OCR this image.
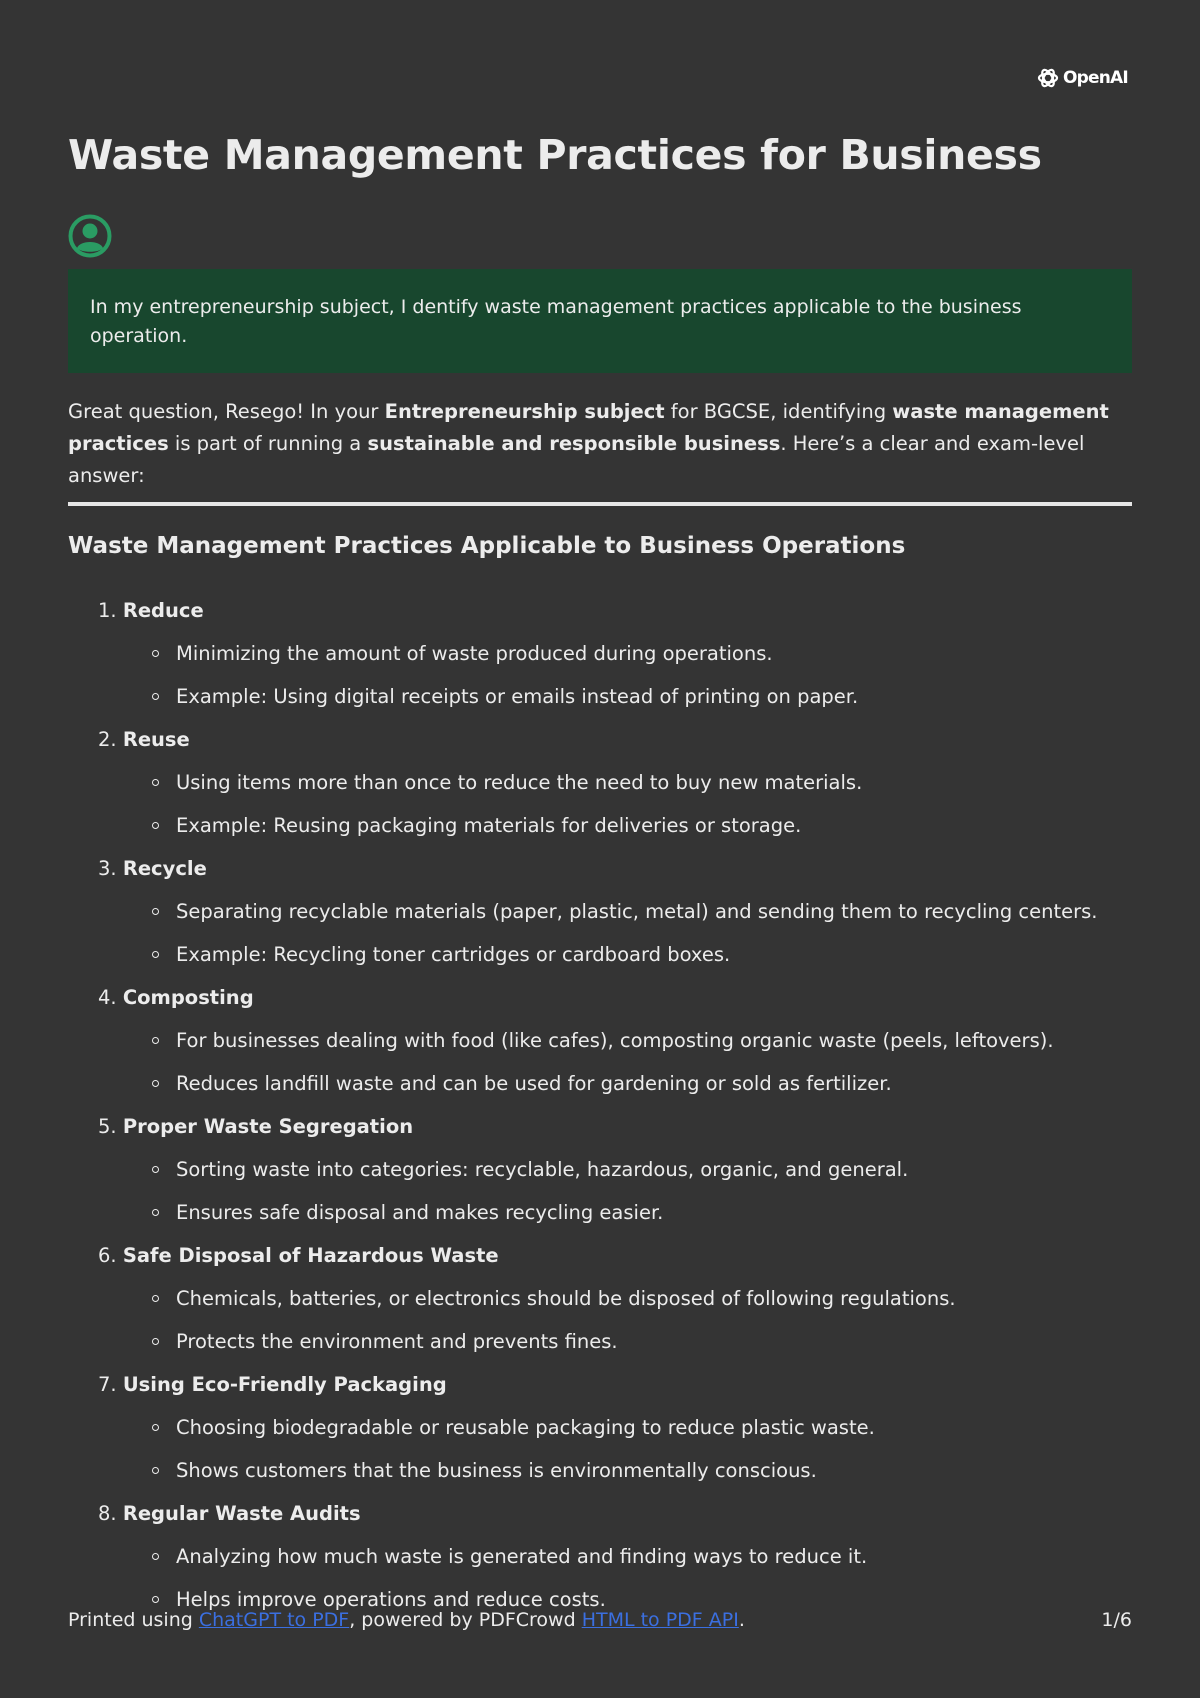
OpenAI
Waste Management Practices for Business
In my entrepreneurship subject, I dentify waste management practices applicable to the business operation.

Great question, Resego! In your Entrepreneurship subject for BGCSE, identifying waste management practices is part of running a sustainable and responsible business. Here’s a clear and exam-level answer:

Waste Management Practices Applicable to Business Operations
1. Reduce
Minimizing the amount of waste produced during operations.
Example: Using digital receipts or emails instead of printing on paper.
2. Reuse
Using items more than once to reduce the need to buy new materials.
Example: Reusing packaging materials for deliveries or storage.
3. Recycle
Separating recyclable materials (paper, plastic, metal) and sending them to recycling centers.
Example: Recycling toner cartridges or cardboard boxes.
4. Composting
For businesses dealing with food (like cafes), composting organic waste (peels, leftovers).
Reduces landfill waste and can be used for gardening or sold as fertilizer.
5. Proper Waste Segregation
Sorting waste into categories: recyclable, hazardous, organic, and general.
Ensures safe disposal and makes recycling easier.
6. Safe Disposal of Hazardous Waste
Chemicals, batteries, or electronics should be disposed of following regulations.
Protects the environment and prevents fines.
7. Using Eco-Friendly Packaging
Choosing biodegradable or reusable packaging to reduce plastic waste.
Shows customers that the business is environmentally conscious.
8. Regular Waste Audits
Analyzing how much waste is generated and finding ways to reduce it.
Helps improve operations and reduce costs.
Printed using ChatGPT to PDF, powered by PDFCrowd HTML to PDF API.	1/6
